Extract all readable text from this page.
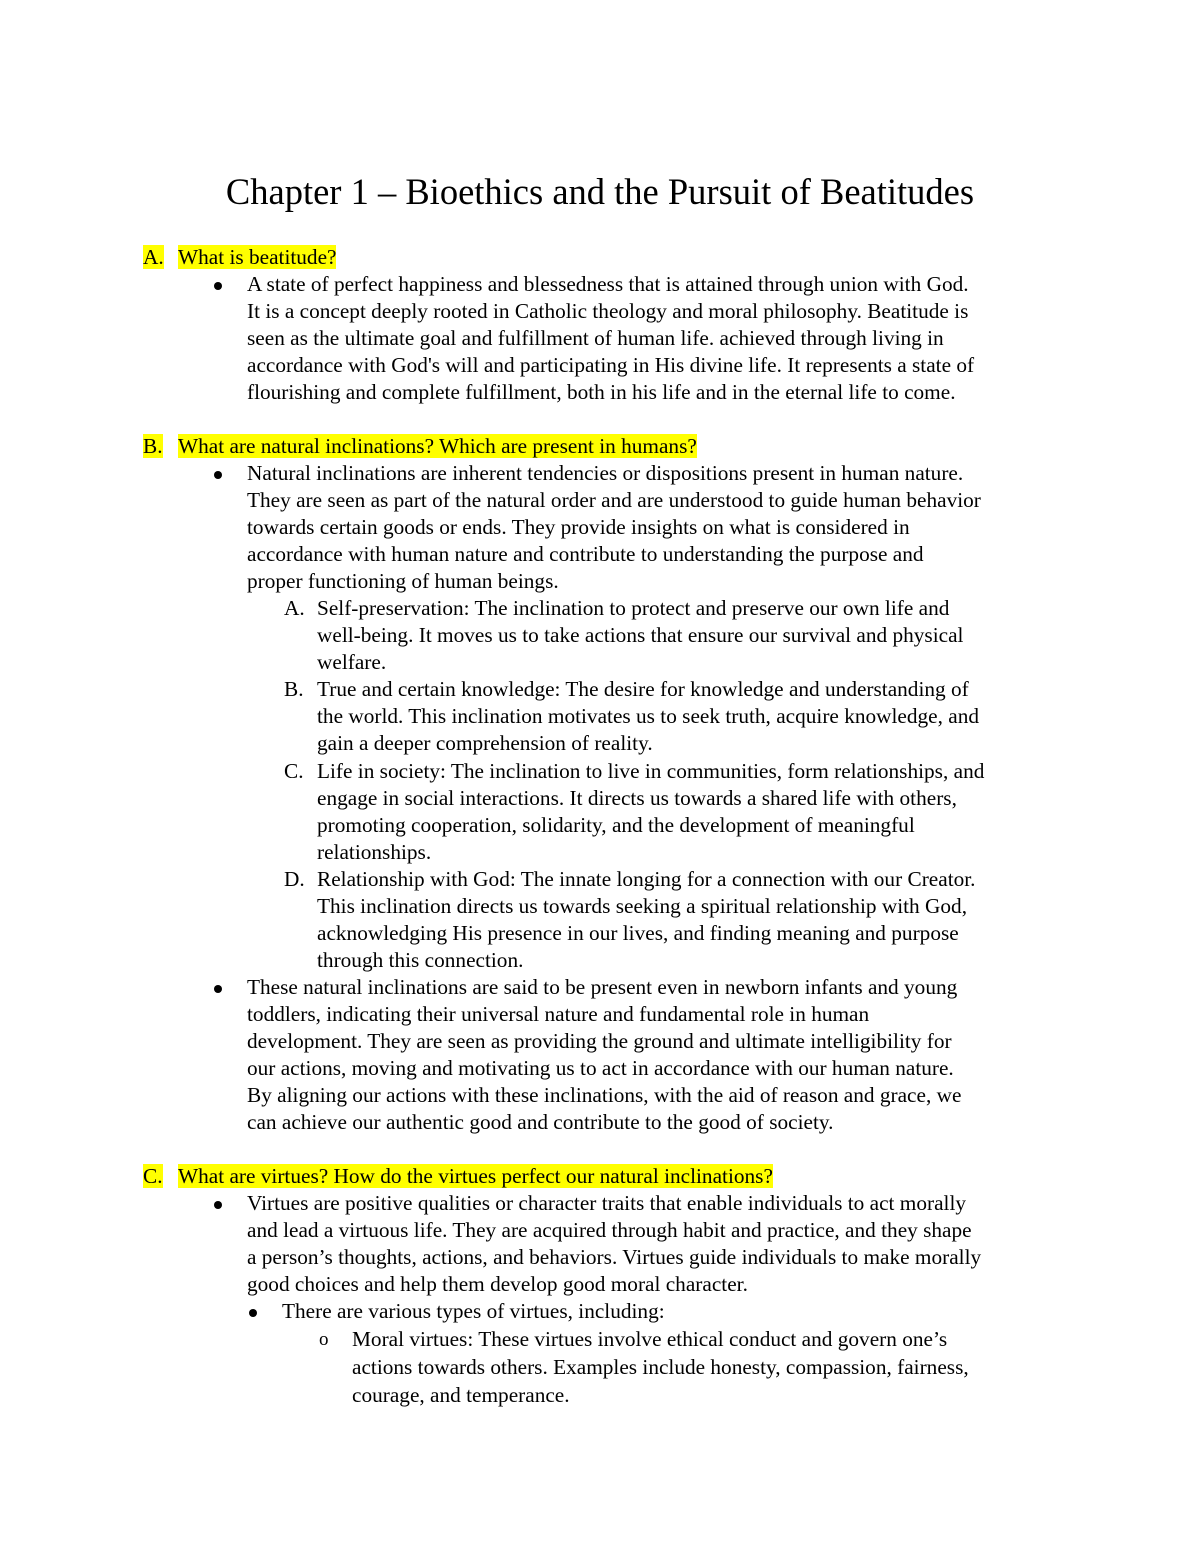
Chapter 1 – Bioethics and the Pursuit of Beatitudes
A. What is beatitude?
A state of perfect happiness and blessedness that is attained through union with God.
It is a concept deeply rooted in Catholic theology and moral philosophy. Beatitude is
seen as the ultimate goal and fulfillment of human life. achieved through living in
accordance with God's will and participating in His divine life. It represents a state of
flourishing and complete fulfillment, both in his life and in the eternal life to come.
B. What are natural inclinations? Which are present in humans?
Natural inclinations are inherent tendencies or dispositions present in human nature.
They are seen as part of the natural order and are understood to guide human behavior
towards certain goods or ends. They provide insights on what is considered in
accordance with human nature and contribute to understanding the purpose and
proper functioning of human beings.
A. Self-preservation: The inclination to protect and preserve our own life and
well-being. It moves us to take actions that ensure our survival and physical
welfare.
B. True and certain knowledge: The desire for knowledge and understanding of
the world. This inclination motivates us to seek truth, acquire knowledge, and
gain a deeper comprehension of reality.
C. Life in society: The inclination to live in communities, form relationships, and
engage in social interactions. It directs us towards a shared life with others,
promoting cooperation, solidarity, and the development of meaningful
relationships.
D. Relationship with God: The innate longing for a connection with our Creator.
This inclination directs us towards seeking a spiritual relationship with God,
acknowledging His presence in our lives, and finding meaning and purpose
through this connection.
These natural inclinations are said to be present even in newborn infants and young
toddlers, indicating their universal nature and fundamental role in human
development. They are seen as providing the ground and ultimate intelligibility for
our actions, moving and motivating us to act in accordance with our human nature.
By aligning our actions with these inclinations, with the aid of reason and grace, we
can achieve our authentic good and contribute to the good of society.
C. What are virtues? How do the virtues perfect our natural inclinations?
Virtues are positive qualities or character traits that enable individuals to act morally
and lead a virtuous life. They are acquired through habit and practice, and they shape
a person’s thoughts, actions, and behaviors. Virtues guide individuals to make morally
good choices and help them develop good moral character.
There are various types of virtues, including:
o Moral virtues: These virtues involve ethical conduct and govern one’s
actions towards others. Examples include honesty, compassion, fairness,
courage, and temperance.
